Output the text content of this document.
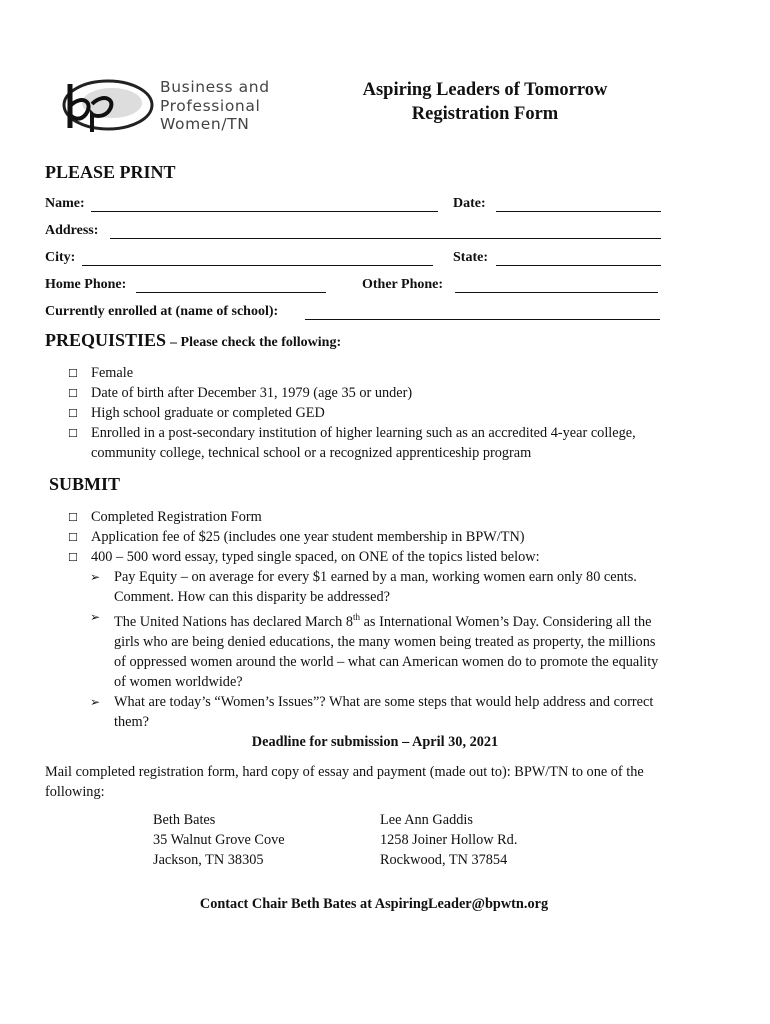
Business and
Professional
Women/TN
Aspiring Leaders of Tomorrow
Registration Form
PLEASE PRINT
Name:	Date:
Address:
City:	State:
Home Phone:	Other Phone:
Currently enrolled at (name of school):
PREQUISTIES – Please check the following:
☐ Female
☐ Date of birth after December 31, 1979 (age 35 or under)
☐ High school graduate or completed GED
☐ Enrolled in a post-secondary institution of higher learning such as an accredited 4-year college,
community college, technical school or a recognized apprenticeship program
SUBMIT
☐ Completed Registration Form
☐ Application fee of $25 (includes one year student membership in BPW/TN)
☐ 400 – 500 word essay, typed single spaced, on ONE of the topics listed below:
➢ Pay Equity – on average for every $1 earned by a man, working women earn only 80 cents.
Comment. How can this disparity be addressed?
➢ The United Nations has declared March 8th as International Women’s Day. Considering all the
girls who are being denied educations, the many women being treated as property, the millions
of oppressed women around the world – what can American women do to promote the equality
of women worldwide?
➢ What are today’s “Women’s Issues”? What are some steps that would help address and correct
them?
Deadline for submission – April 30, 2021
Mail completed registration form, hard copy of essay and payment (made out to): BPW/TN to one of the
following:
Beth Bates
35 Walnut Grove Cove
Jackson, TN 38305
Lee Ann Gaddis
1258 Joiner Hollow Rd.
Rockwood, TN 37854
Contact Chair Beth Bates at AspiringLeader@bpwtn.org
